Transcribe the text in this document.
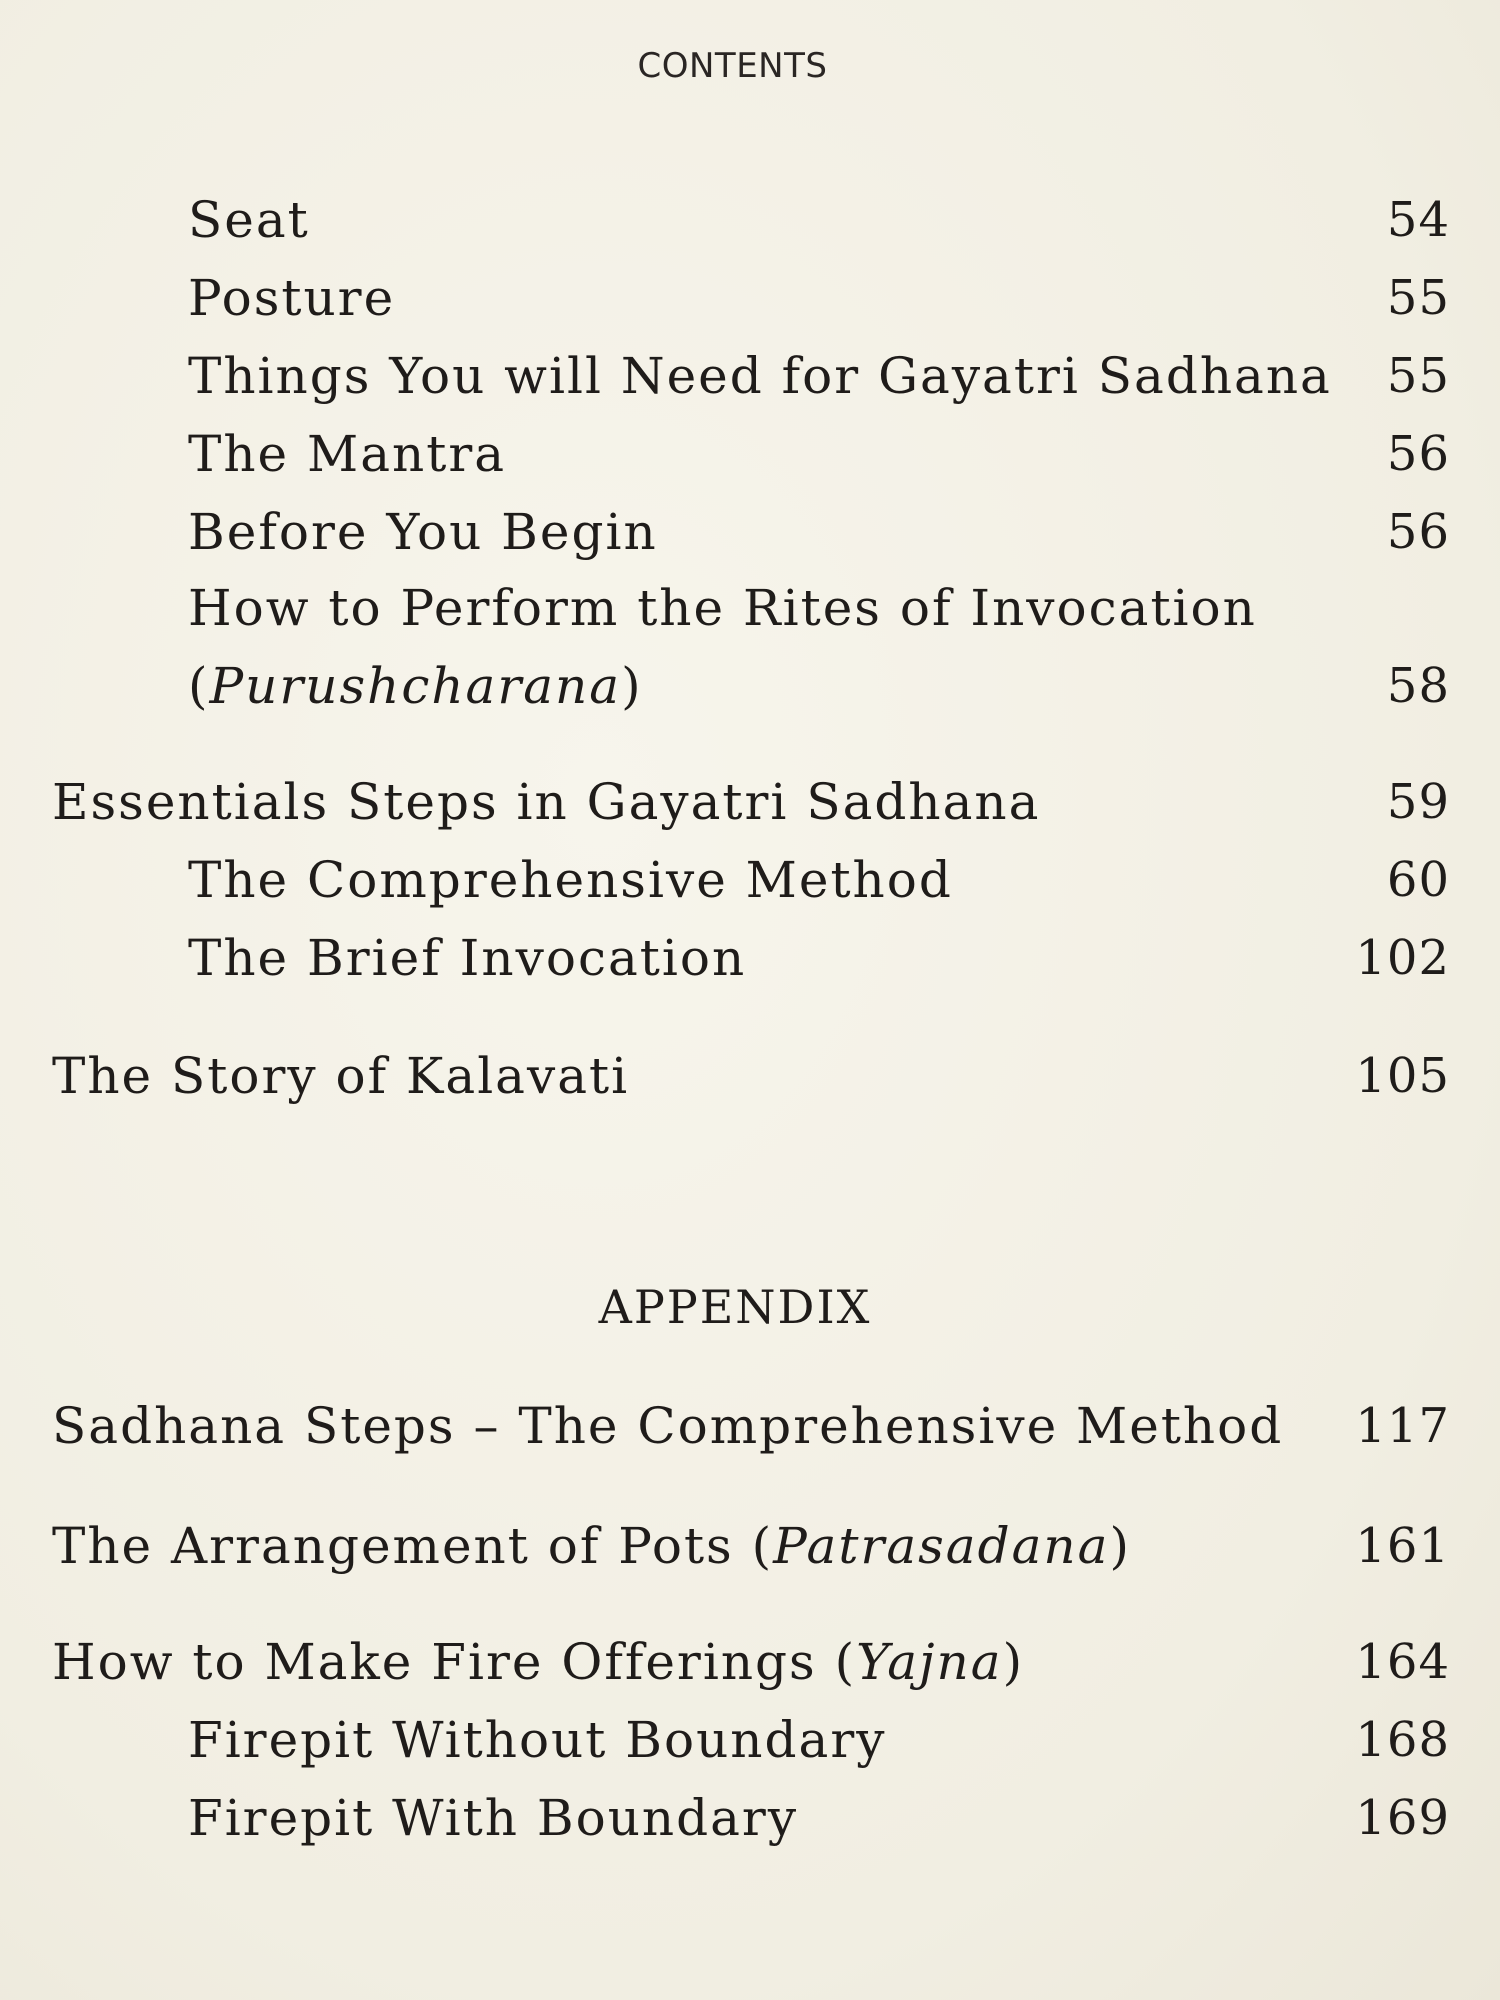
CONTENTS
Seat	54
Posture	55
Things You will Need for Gayatri Sadhana 55
The Mantra	56
Before You Begin	56
How to Perform the Rites of Invocation
(Purushcharana)	58
Essentials Steps in Gayatri Sadhana	59
The Comprehensive Method	60
The Brief Invocation	102
The Story of Kalavati	105
APPENDIX
Sadhana Steps – The Comprehensive Method 117
The Arrangement of Pots (Patrasadana)	161
How to Make Fire Offerings (Yajna)	164
Firepit Without Boundary	168
Firepit With Boundary	169
